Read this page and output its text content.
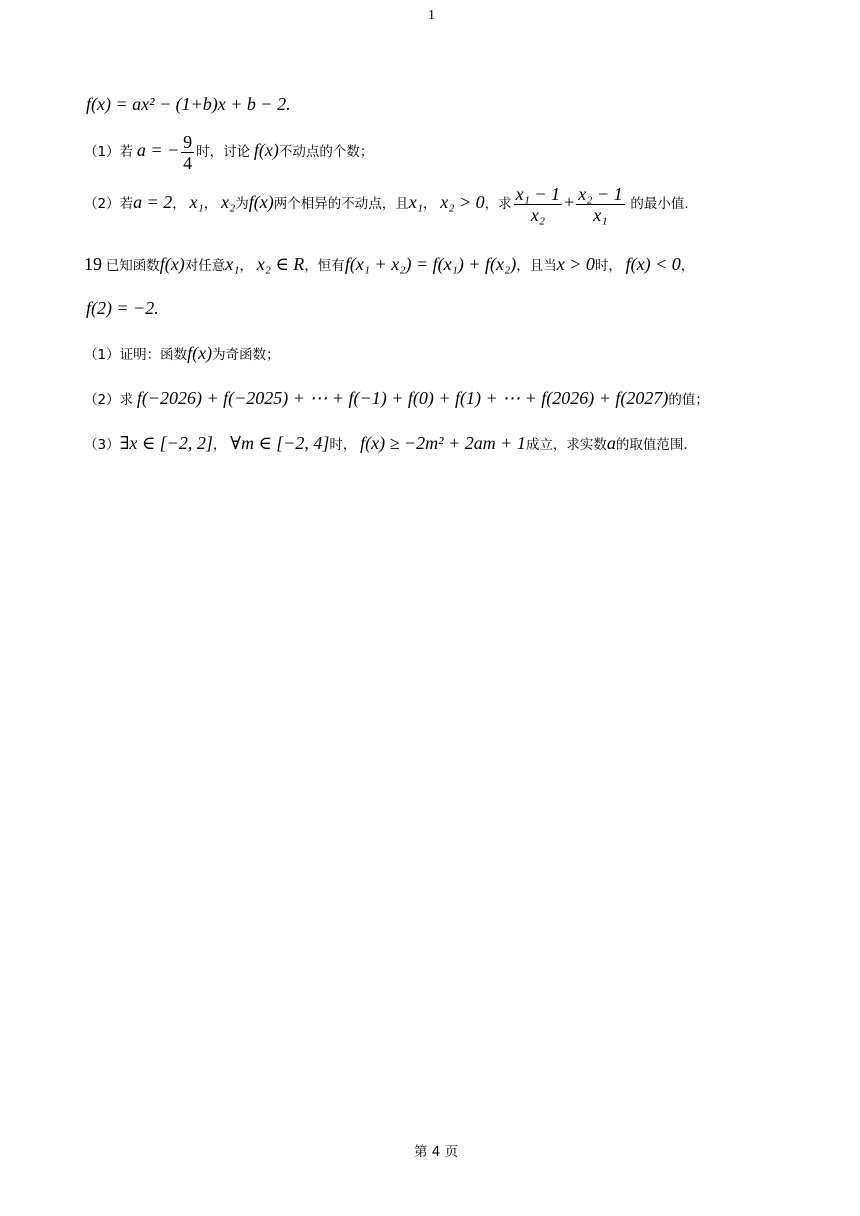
1
f(x) = ax² − (1+b)x + b − 2.
（1）若 a = − $\frac{9}{4}$ 时，讨论 f(x)不动点的个数；
（2）若a = 2， x₁， x₂为f(x)两个相异的不动点，且x₁， x₂ > 0，求 $\frac{\text{x₁ − 1}}{\text{x₂}} + \frac{\text{x₂ − 1}}{\text{x₁}}$ 的最小值.
19 已知函数f(x)对任意x₁， x₂ ∈ R，恒有f(x₁ + x₂) = f(x₁) + f(x₂)，且当x > 0时， f(x) < 0，
f(2) = −2.
（1）证明：函数f(x)为奇函数；
（2）求 f(−2026) + f(−2025) + ⋯ + f(−1) + f(0) + f(1) + ⋯ + f(2026) + f(2027)的值；
（3）∃x ∈ [−2, 2]， ∀m ∈ [−2, 4]时， f(x) ≥ −2m² + 2am + 1成立，求实数a的取值范围.
第 4 页
